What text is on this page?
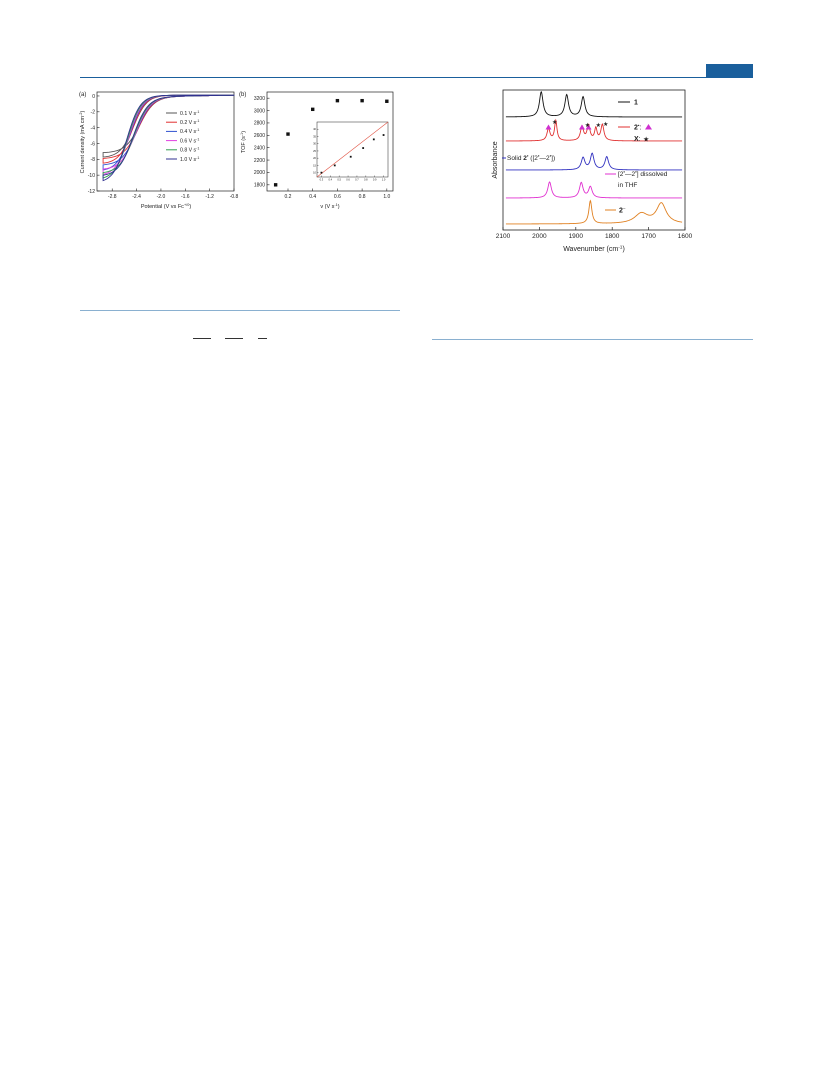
(a) 0
-2
-4
-6
-8
-10
-12
-2.8	-2.4	-2.0	-1.6	-1.2	-0.8
0.1 V $s^{-1}$
0.2 V $s^{-1}$
0.4 V $s^{-1}$
0.6 V $s^{-1}$
0.8 V $s^{-1}$
1.0 V $s^{-1}$
Potential (V vs $Fc^{+/0}$)
Current density (mA $cm^{-2}$)
(b)
1800
2000
2200
2400
2600
2800
3000
3200
0.2	0.4	0.6	0.8	1.0
10
15
20
25
30
35
40
0.3 0.4 0.5 0.6 0.7 0.8 0.9 1.0
v (V $s^{-1}$)
TOF $(s^{-1})$
2100	2000	1900	1800	1700	1600
★	★ ★
★
1
2•:
X: ★
Solid 2• ([2•—2•])
[2•—2•] dissolved
in THF
2−
Wavenumber $(cm^{-1})$
Absorbance
